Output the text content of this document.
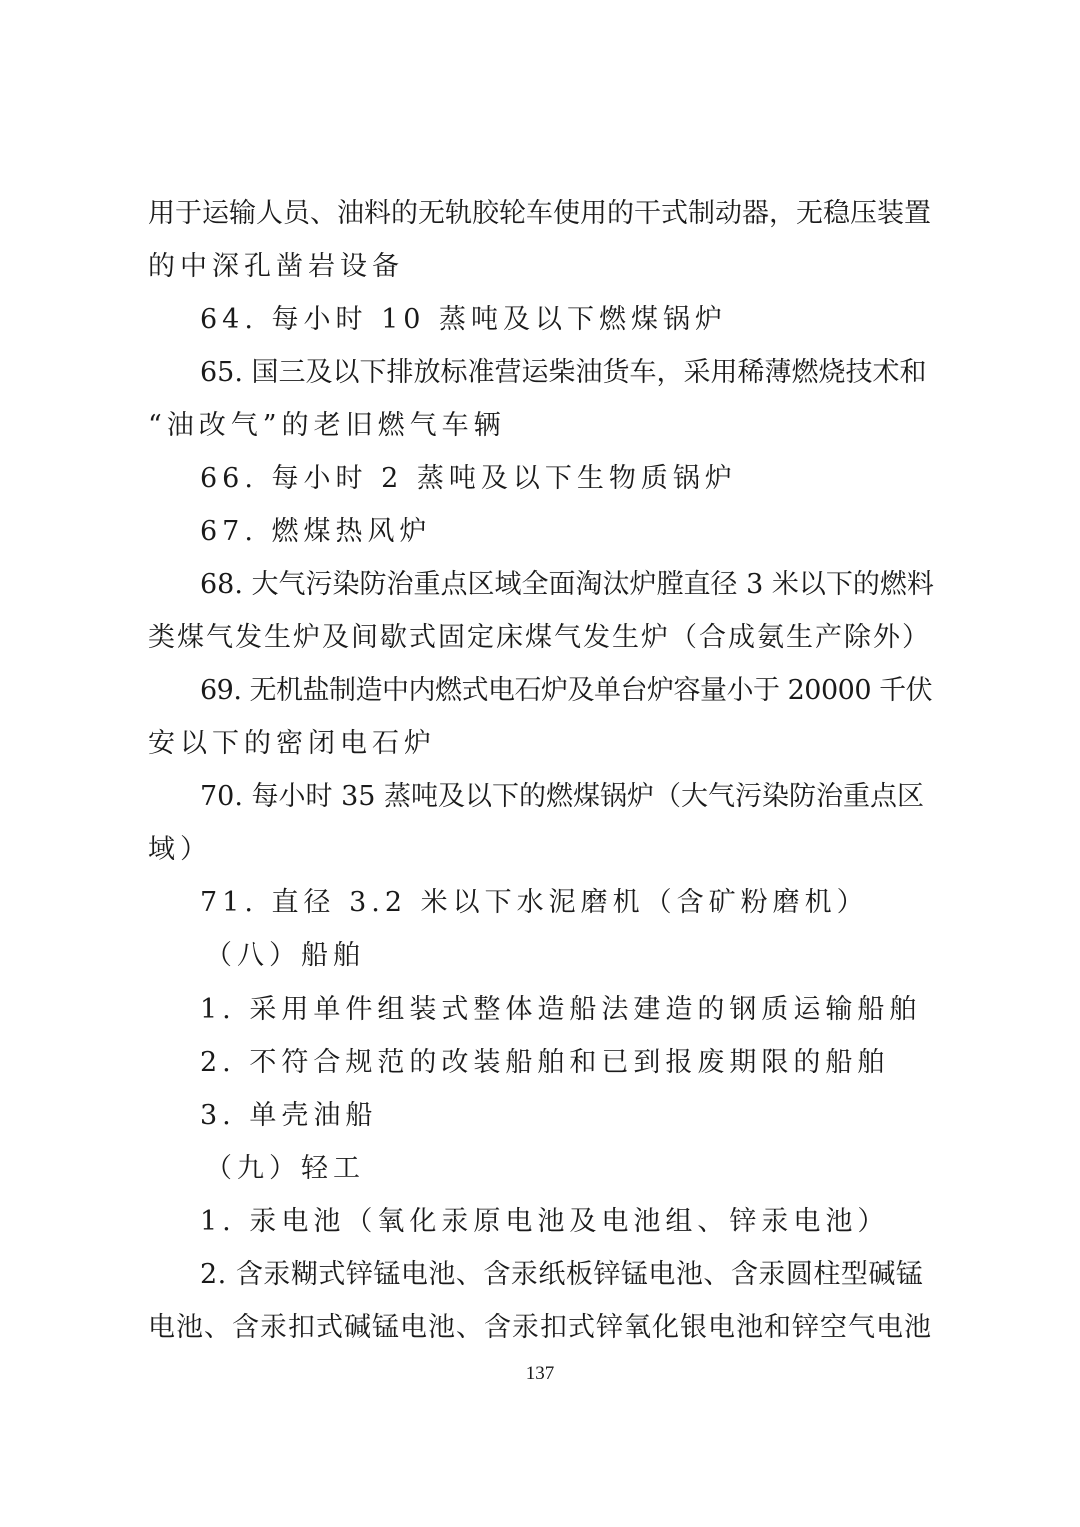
用于运输人员、油料的无轨胶轮车使用的干式制动器，无稳压装置
的中深孔凿岩设备
64. 每小时 10 蒸吨及以下燃煤锅炉
65. 国三及以下排放标准营运柴油货车，采用稀薄燃烧技术和
“油改气”的老旧燃气车辆
66. 每小时 2 蒸吨及以下生物质锅炉
67. 燃煤热风炉
68. 大气污染防治重点区域全面淘汰炉膛直径 3 米以下的燃料
类煤气发生炉及间歇式固定床煤气发生炉（合成氨生产除外）
69. 无机盐制造中内燃式电石炉及单台炉容量小于 20000 千伏
安以下的密闭电石炉
70. 每小时 35 蒸吨及以下的燃煤锅炉（大气污染防治重点区
域）
71. 直径 3.2 米以下水泥磨机（含矿粉磨机）
（八）船舶
1. 采用单件组装式整体造船法建造的钢质运输船舶
2. 不符合规范的改装船舶和已到报废期限的船舶
3. 单壳油船
（九）轻工
1. 汞电池（氧化汞原电池及电池组、锌汞电池）
2. 含汞糊式锌锰电池、含汞纸板锌锰电池、含汞圆柱型碱锰
电池、含汞扣式碱锰电池、含汞扣式锌氧化银电池和锌空气电池
137
